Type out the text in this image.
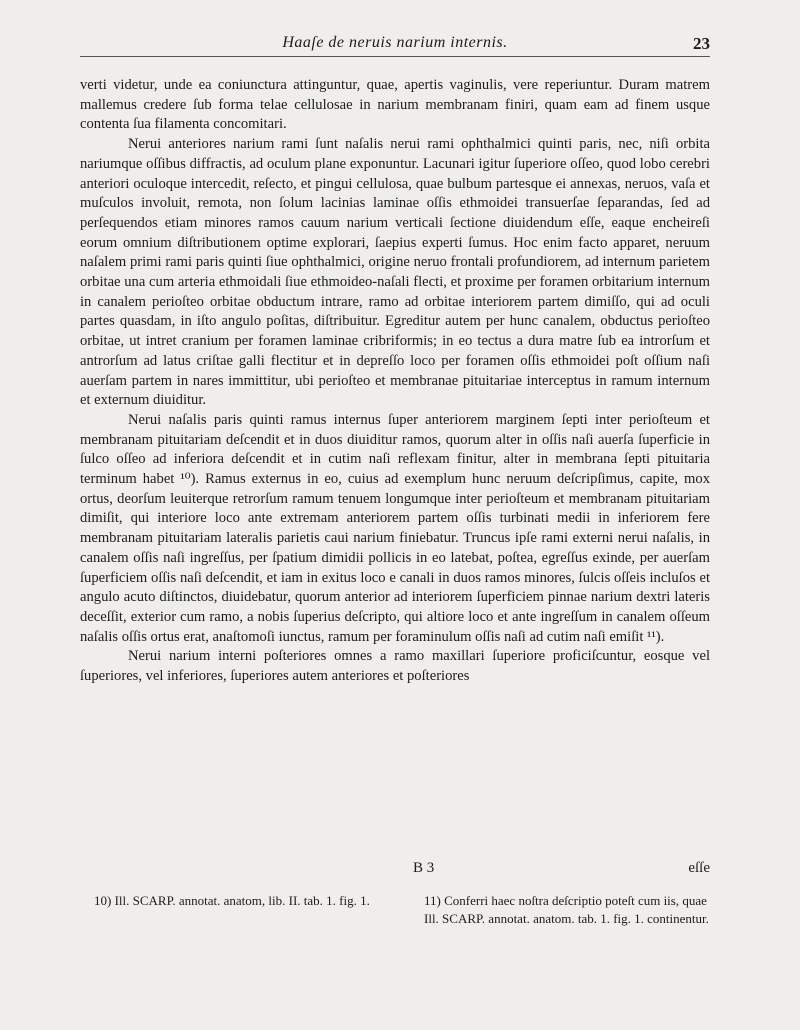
Haaſe de neruis narium internis.	23

verti videtur, unde ea coniunctura attinguntur, quae, apertis vaginulis, vere reperiuntur. Duram matrem mallemus credere ſub forma telae cellulosae in narium membranam finiri, quam eam ad finem usque contenta ſua filamenta concomitari.

Nerui anteriores narium rami ſunt naſalis nerui rami ophthalmici quinti paris, nec, niſi orbita nariumque oſſibus diffractis, ad oculum plane exponuntur. Lacunari igitur ſuperiore oſſeo, quod lobo cerebri anteriori oculoque intercedit, reſecto, et pingui cellulosa, quae bulbum partesque ei annexas, neruos, vaſa et muſculos involuit, remota, non ſolum lacinias laminae oſſis ethmoidei transuerſae ſeparandas, ſed ad perſequendos etiam minores ramos cauum narium verticali ſectione diuidendum eſſe, eaque encheireſi eorum omnium diſtributionem optime explorari, ſaepius experti ſumus. Hoc enim facto apparet, neruum naſalem primi rami paris quinti ſiue ophthalmici, origine neruo frontali profundiorem, ad internum parietem orbitae una cum arteria ethmoidali ſiue ethmoideo-naſali flecti, et proxime per foramen orbitarium internum in canalem perioſteo orbitae obductum intrare, ramo ad orbitae interiorem partem dimiſſo, qui ad oculi partes quasdam, in iſto angulo poſitas, diſtribuitur. Egreditur autem per hunc canalem, obductus perioſteo orbitae, ut intret cranium per foramen laminae cribriformis; in eo tectus a dura matre ſub ea introrſum et antrorſum ad latus criſtae galli flectitur et in depreſſo loco per foramen oſſis ethmoidei poſt oſſium naſi auerſam partem in nares immittitur, ubi perioſteo et membranae pituitariae interceptus in ramum internum et externum diuiditur.

Nerui naſalis paris quinti ramus internus ſuper anteriorem marginem ſepti inter perioſteum et membranam pituitariam deſcendit et in duos diuiditur ramos, quorum alter in oſſis naſi auerſa ſuperficie in ſulco oſſeo ad inferiora deſcendit et in cutim naſi reflexam finitur, alter in membrana ſepti pituitaria terminum habet ¹⁰). Ramus externus in eo, cuius ad exemplum hunc neruum deſcripſimus, capite, mox ortus, deorſum leuiterque retrorſum ramum tenuem longumque inter perioſteum et membranam pituitariam dimiſit, qui interiore loco ante extremam anteriorem partem oſſis turbinati medii in inferiorem fere membranam pituitariam lateralis parietis caui narium finiebatur. Truncus ipſe rami externi nerui naſalis, in canalem oſſis naſi ingreſſus, per ſpatium dimidii pollicis in eo latebat, poſtea, egreſſus exinde, per auerſam ſuperficiem oſſis naſi deſcendit, et iam in exitus loco e canali in duos ramos minores, ſulcis oſſeis incluſos et angulo acuto diſtinctos, diuidebatur, quorum anterior ad interiorem ſuperficiem pinnae narium dextri lateris deceſſit, exterior cum ramo, a nobis ſuperius deſcripto, qui altiore loco et ante ingreſſum in canalem oſſeum naſalis oſſis ortus erat, anaſtomoſi iunctus, ramum per foraminulum oſſis naſi ad cutim naſi emiſit ¹¹).

Nerui narium interni poſteriores omnes a ramo maxillari ſuperiore proficiſcuntur, eosque vel ſuperiores, vel inferiores, ſuperiores autem anteriores et poſteriores

B 3	eſſe
10) Ill. SCARP. annotat. anatom, lib. II. tab. 1. fig. 1.	11) Conferri haec noſtra deſcriptio poteſt cum iis, quae Ill. SCARP. annotat. anatom. tab. 1. fig. 1. continentur.
